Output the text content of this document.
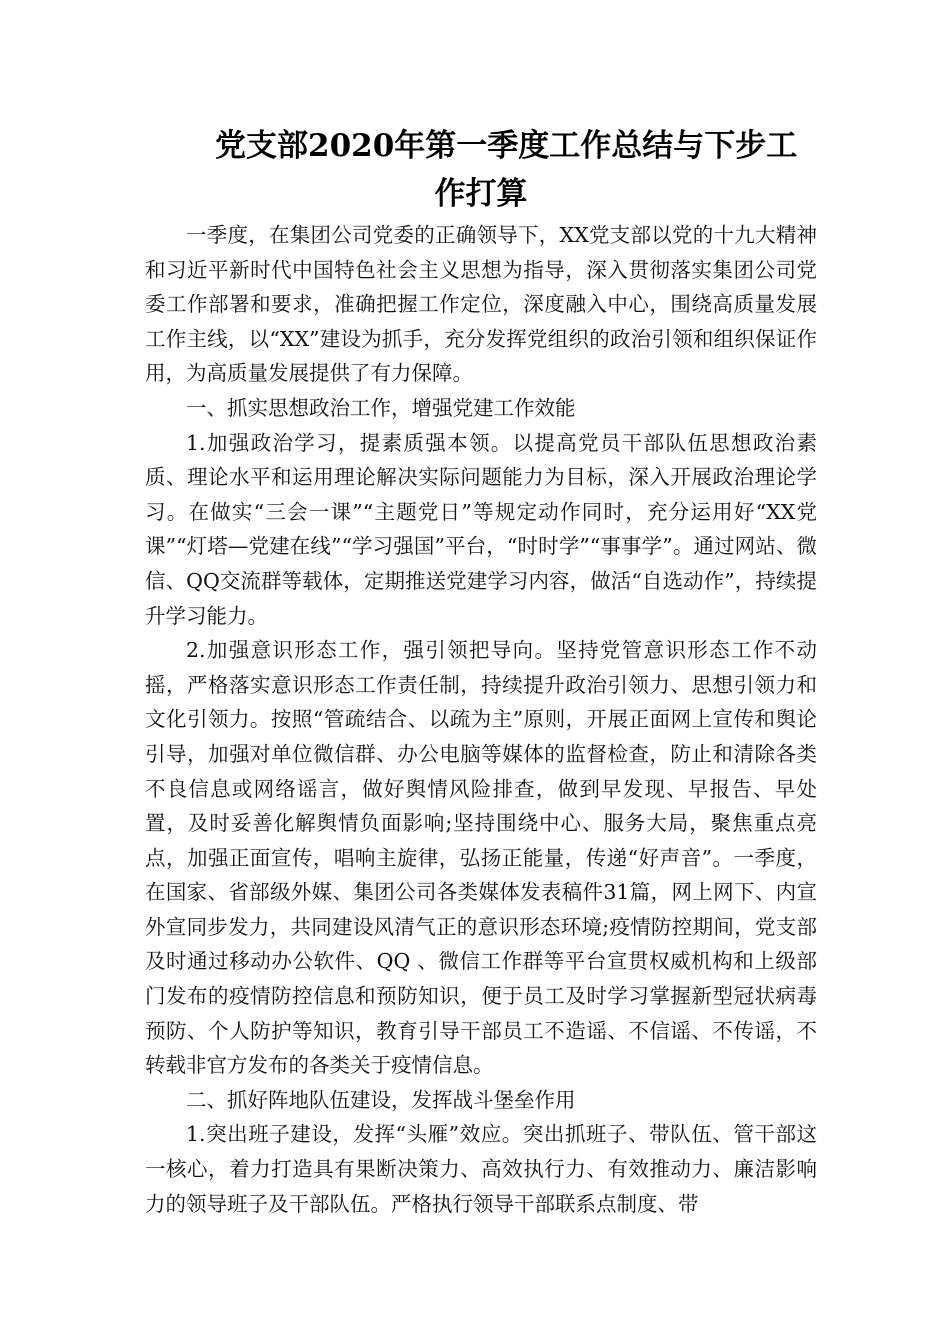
党支部2020年第一季度工作总结与下步工
作打算

一季度，在集团公司党委的正确领导下，XX党支部以党的十九大精神和习近平新时代中国特色社会主义思想为指导，深入贯彻落实集团公司党委工作部署和要求，准确把握工作定位，深度融入中心，围绕高质量发展工作主线，以“XX”建设为抓手，充分发挥党组织的政治引领和组织保证作用，为高质量发展提供了有力保障。

一、抓实思想政治工作，增强党建工作效能

1.加强政治学习，提素质强本领。以提高党员干部队伍思想政治素质、理论水平和运用理论解决实际问题能力为目标，深入开展政治理论学习。在做实“三会一课”“主题党日”等规定动作同时，充分运用好“XX党课”“灯塔—党建在线”“学习强国”平台，“时时学”“事事学”。通过网站、微信、QQ交流群等载体，定期推送党建学习内容，做活“自选动作”，持续提升学习能力。

2.加强意识形态工作，强引领把导向。坚持党管意识形态工作不动摇，严格落实意识形态工作责任制，持续提升政治引领力、思想引领力和文化引领力。按照“管疏结合、以疏为主”原则，开展正面网上宣传和舆论引导，加强对单位微信群、办公电脑等媒体的监督检查，防止和清除各类不良信息或网络谣言，做好舆情风险排查，做到早发现、早报告、早处置，及时妥善化解舆情负面影响;坚持围绕中心、服务大局，聚焦重点亮点，加强正面宣传，唱响主旋律，弘扬正能量，传递“好声音”。一季度，在国家、省部级外媒、集团公司各类媒体发表稿件31篇，网上网下、内宣外宣同步发力，共同建设风清气正的意识形态环境;疫情防控期间，党支部及时通过移动办公软件、QQ 、微信工作群等平台宣贯权威机构和上级部门发布的疫情防控信息和预防知识，便于员工及时学习掌握新型冠状病毒预防、个人防护等知识，教育引导干部员工不造谣、不信谣、不传谣，不转载非官方发布的各类关于疫情信息。

二、抓好阵地队伍建设，发挥战斗堡垒作用

1.突出班子建设，发挥“头雁”效应。突出抓班子、带队伍、管干部这一核心，着力打造具有果断决策力、高效执行力、有效推动力、廉洁影响力的领导班子及干部队伍。严格执行领导干部联系点制度、带
